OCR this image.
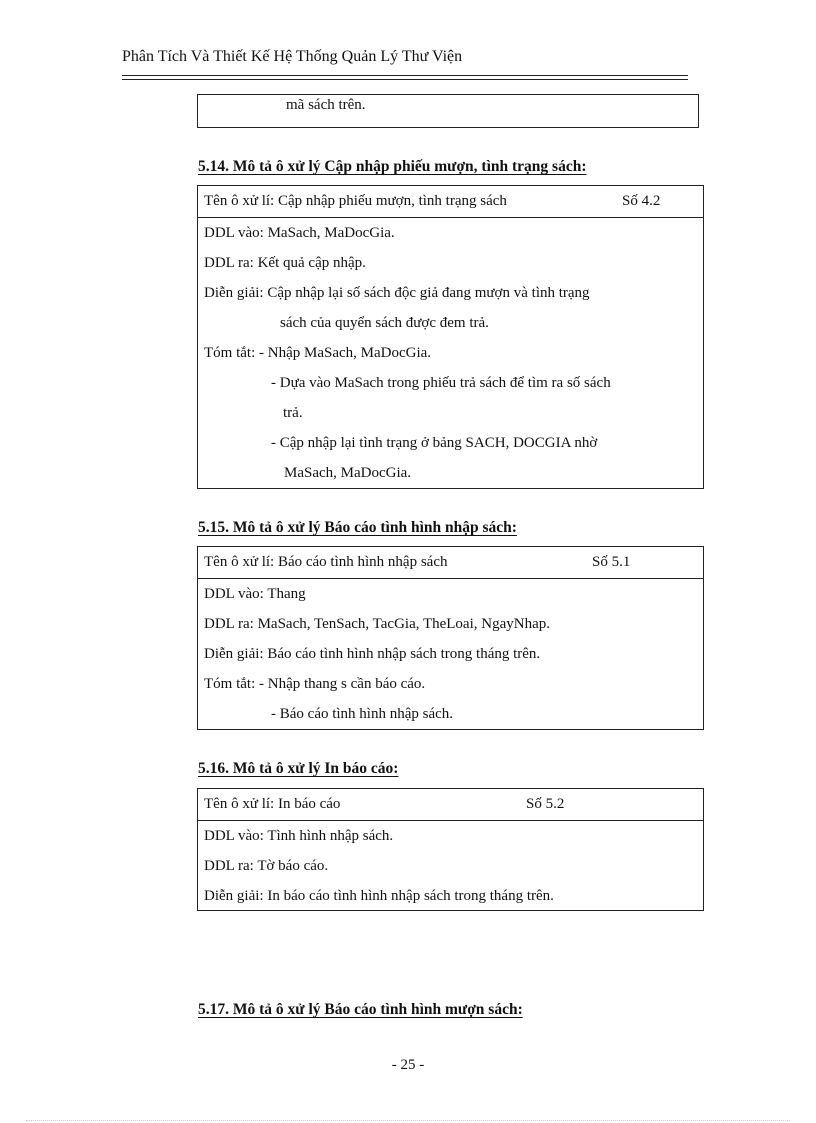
Phân Tích Và Thiết Kế Hệ Thống Quản Lý Thư Viện
mã sách trên.
5.14. Mô tả ô xử lý Cập nhập phiếu mượn, tình trạng sách:
Tên ô xử lí: Cập nhập phiếu mượn, tình trạng sách	Số 4.2
DDL vào: MaSach, MaDocGia.
DDL ra: Kết quả cập nhập.
Diễn giải: Cập nhập lại số sách độc giả đang mượn và tình trạng
sách của quyển sách được đem trả.
Tóm tắt: - Nhập MaSach, MaDocGia.
- Dựa vào MaSach trong phiếu trả sách để tìm ra số sách
trả.
- Cập nhập lại tình trạng ở bảng SACH, DOCGIA nhờ
MaSach, MaDocGia.
5.15. Mô tả ô xử lý Báo cáo tình hình nhập sách:
Tên ô xử lí: Báo cáo tình hình nhập sách	Số 5.1
DDL vào: Thang
DDL ra: MaSach, TenSach, TacGia, TheLoai, NgayNhap.
Diễn giải: Báo cáo tình hình nhập sách trong tháng trên.
Tóm tắt: - Nhập thang s cần báo cáo.
- Báo cáo tình hình nhập sách.
5.16. Mô tả ô xử lý In báo cáo:
Tên ô xử lí: In báo cáo	Số 5.2
DDL vào: Tình hình nhập sách.
DDL ra: Tờ báo cáo.
Diễn giải: In báo cáo tình hình nhập sách trong tháng trên.
5.17. Mô tả ô xử lý Báo cáo tình hình mượn sách:
- 25 -
